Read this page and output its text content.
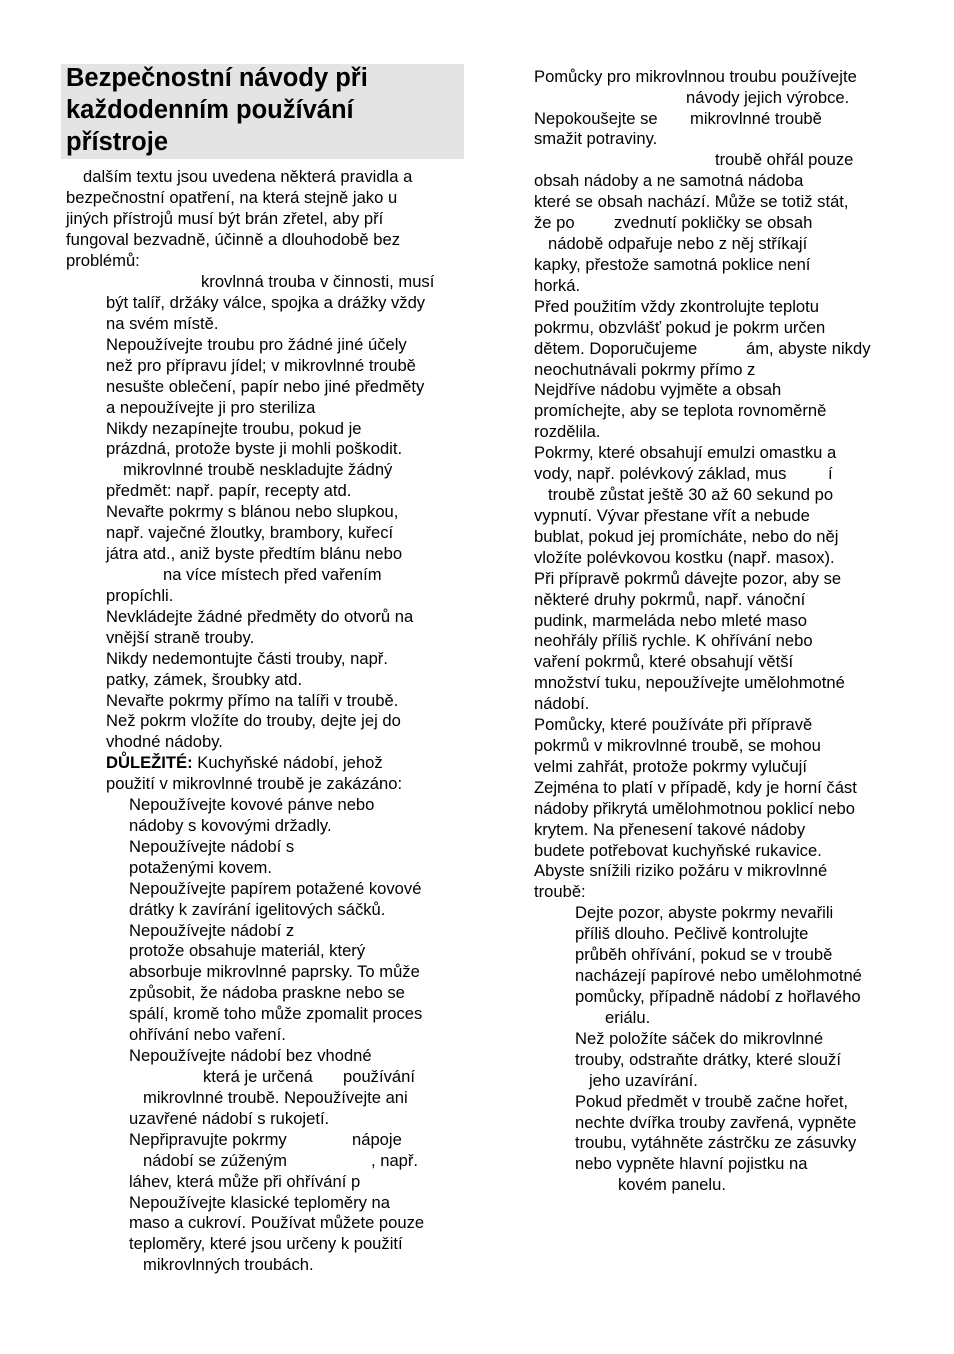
Bezpečnostní návody při
každodenním používání
přístroje
dalším textu jsou uvedena některá pravidla a
bezpečnostní opatření, na která stejně jako u
jiných přístrojů musí být brán zřetel, aby pří
fungoval bezvadně, účinně a dlouhodobě bez
problémů:
krovlnná trouba v činnosti, musí
být talíř, držáky válce, spojka a drážky vždy
na svém místě.
Nepoužívejte troubu pro žádné jiné účely
než pro přípravu jídel; v mikrovlnné troubě
nesušte oblečení, papír nebo jiné předměty
a nepoužívejte ji pro steriliza
Nikdy nezapínejte troubu, pokud je
prázdná, protože byste ji mohli poškodit.
mikrovlnné troubě neskladujte žádný
předmět: např. papír, recepty atd.
Nevařte pokrmy s blánou nebo slupkou,
např. vaječné žloutky, brambory, kuřecí
játra atd., aniž byste předtím blánu nebo
na více místech před vařením
propíchli.
Nevkládejte žádné předměty do otvorů na
vnější straně trouby.
Nikdy nedemontujte části trouby, např.
patky, zámek, šroubky atd.
Nevařte pokrmy přímo na talíři v troubě.
Než pokrm vložíte do trouby, dejte jej do
vhodné nádoby.
DŮLEŽITÉ: Kuchyňské nádobí, jehož
použití v mikrovlnné troubě je zakázáno:
Nepoužívejte kovové pánve nebo
nádoby s kovovými držadly.
Nepoužívejte nádobí s
potaženými kovem.
Nepoužívejte papírem potažené kovové
drátky k zavírání igelitových sáčků.
Nepoužívejte nádobí z
protože obsahuje materiál, který
absorbuje mikrovlnné paprsky. To může
způsobit, že nádoba praskne nebo se
spálí, kromě toho může zpomalit proces
ohřívání nebo vaření.
Nepoužívejte nádobí bez vhodné
která je určená používání
mikrovlnné troubě. Nepoužívejte ani
uzavřené nádobí s rukojetí.
Nepřipravujte pokrmy	nápoje
nádobí se zúženým	, např.
láhev, která může při ohřívání p
Nepoužívejte klasické teploměry na
maso a cukroví. Používat můžete pouze
teploměry, které jsou určeny k použití
mikrovlnných troubách.
Pomůcky pro mikrovlnnou troubu používejte
návody jejich výrobce.
Nepokoušejte se mikrovlnné troubě
smažit potraviny.
troubě ohřál pouze
obsah nádoby a ne samotná nádoba
které se obsah nachází. Může se totiž stát,
že po zvednutí pokličky se obsah
nádobě odpařuje nebo z něj stříkají
kapky, přestože samotná poklice není
horká.
Před použitím vždy zkontrolujte teplotu
pokrmu, obzvlášť pokud je pokrm určen
dětem. Doporučujeme	ám, abyste nikdy
neochutnávali pokrmy přímo z
Nejdříve nádobu vyjměte a obsah
promíchejte, aby se teplota rovnoměrně
rozdělila.
Pokrmy, které obsahují emulzi omastku a
vody, např. polévkový základ, mus	í
troubě zůstat ještě 30 až 60 sekund po
vypnutí. Vývar přestane vřít a nebude
bublat, pokud jej promícháte, nebo do něj
vložíte polévkovou kostku (např. masox).
Při přípravě pokrmů dávejte pozor, aby se
některé druhy pokrmů, např. vánoční
pudink, marmeláda nebo mleté maso
neohřály příliš rychle. K ohřívání nebo
vaření pokrmů, které obsahují větší
množství tuku, nepoužívejte umělohmotné
nádobí.
Pomůcky, které používáte při přípravě
pokrmů v mikrovlnné troubě, se mohou
velmi zahřát, protože pokrmy vylučují
Zejména to platí v případě, kdy je horní část
nádoby přikrytá umělohmotnou poklicí nebo
krytem. Na přenesení takové nádoby
budete potřebovat kuchyňské rukavice.
Abyste snížili riziko požáru v mikrovlnné
troubě:
Dejte pozor, abyste pokrmy nevařili
příliš dlouho. Pečlivě kontrolujte
průběh ohřívání, pokud se v troubě
nacházejí papírové nebo umělohmotné
pomůcky, případně nádobí z hořlavého
eriálu.
Než položíte sáček do mikrovlnné
trouby, odstraňte drátky, které slouží
jeho uzavírání.
Pokud předmět v troubě začne hořet,
nechte dvířka trouby zavřená, vypněte
troubu, vytáhněte zástrčku ze zásuvky
nebo vypněte hlavní pojistku na
kovém panelu.
